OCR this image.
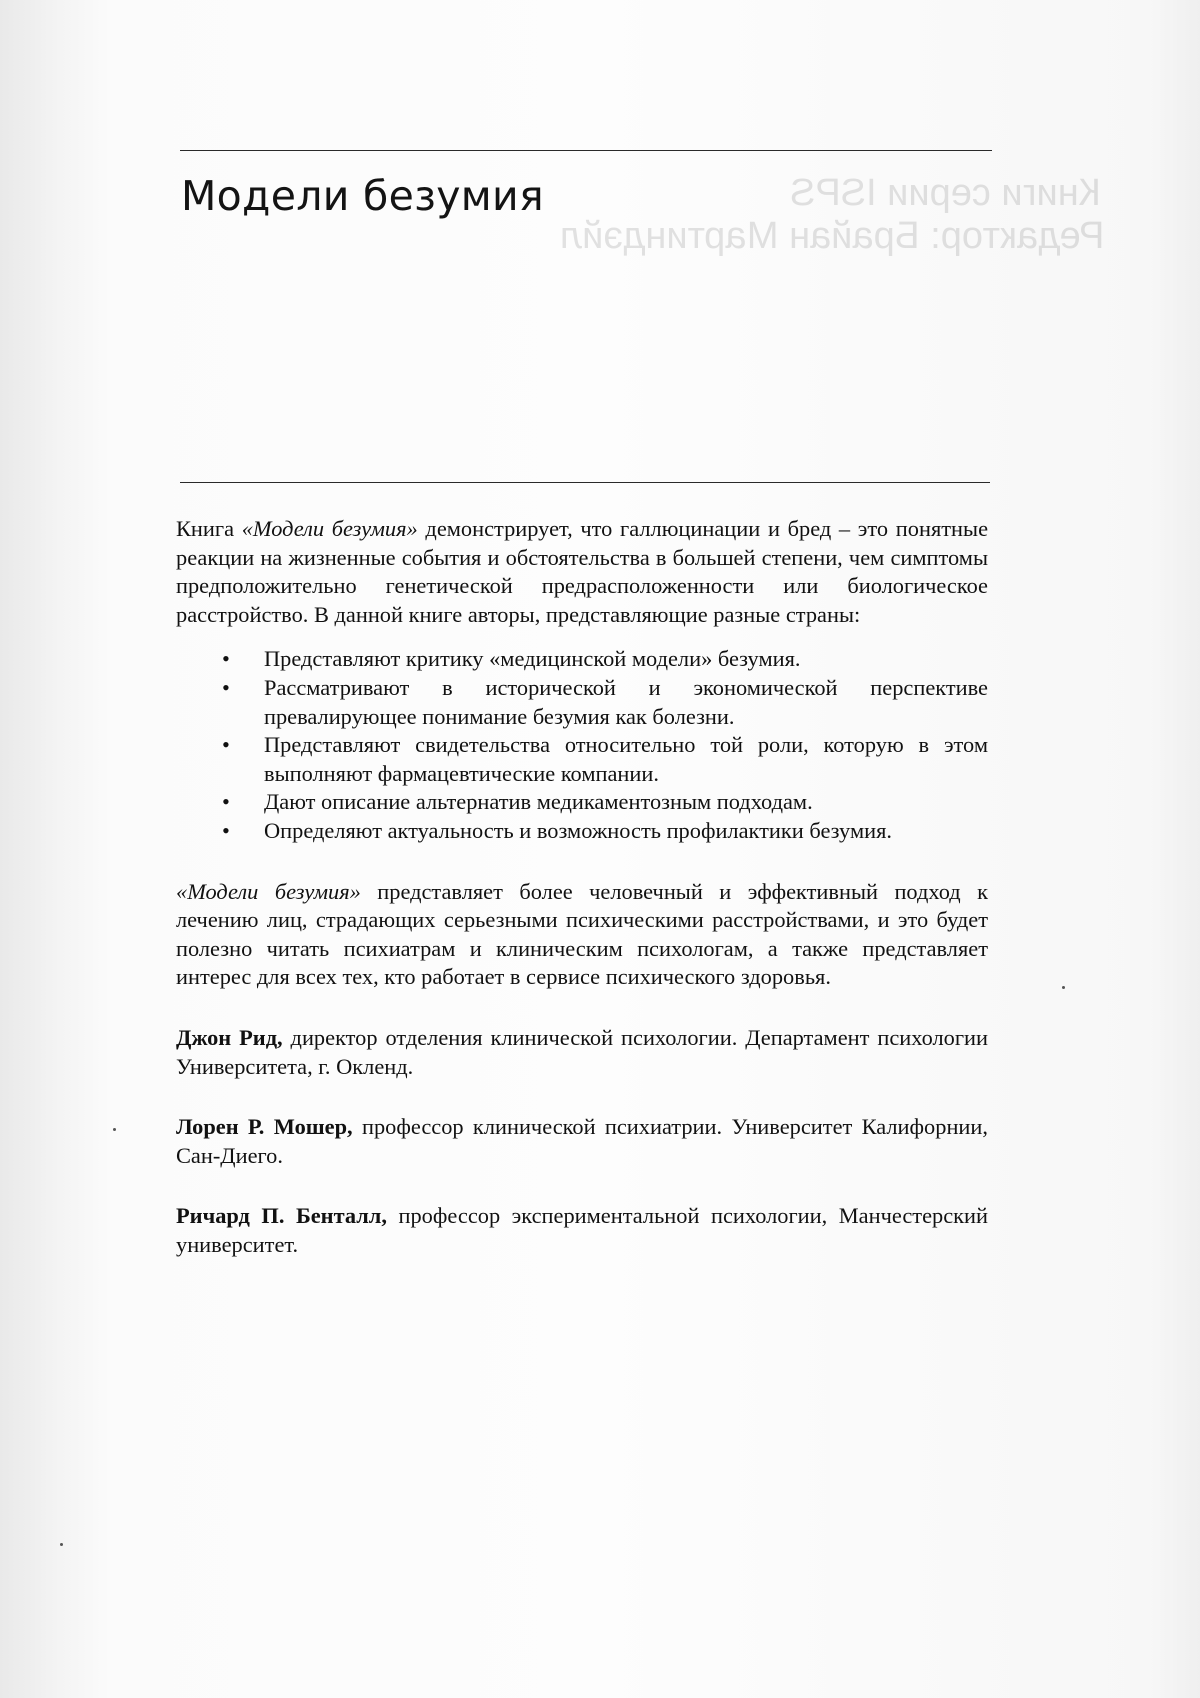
Книги серии ISPS
Редактор: Брайан Мартиндэйл
Модели безумия

Книга «Модели безумия» демонстрирует, что галлюцинации и бред – это понятные реакции на жизненные события и обстоятельства в большей степени, чем симптомы предположительно генетической предрасположенности или биологическое расстройство. В данной книге авторы, представляющие разные страны:

• Представляют критику «медицинской модели» безумия.
• Рассматривают в исторической и экономической перспективе превалирующее понимание безумия как болезни.
• Представляют свидетельства относительно той роли, которую в этом выполняют фармацевтические компании.
• Дают описание альтернатив медикаментозным подходам.
• Определяют актуальность и возможность профилактики безумия.

«Модели безумия» представляет более человечный и эффективный подход к лечению лиц, страдающих серьезными психическими расстройствами, и это будет полезно читать психиатрам и клиническим психологам, а также представляет интерес для всех тех, кто работает в сервисе психического здоровья.

Джон Рид, директор отделения клинической психологии. Департамент психологии Университета, г. Окленд.

Лорен Р. Мошер, профессор клинической психиатрии. Университет Калифорнии, Сан-Диего.

Ричард П. Бенталл, профессор экспериментальной психологии, Манчестерский университет.
